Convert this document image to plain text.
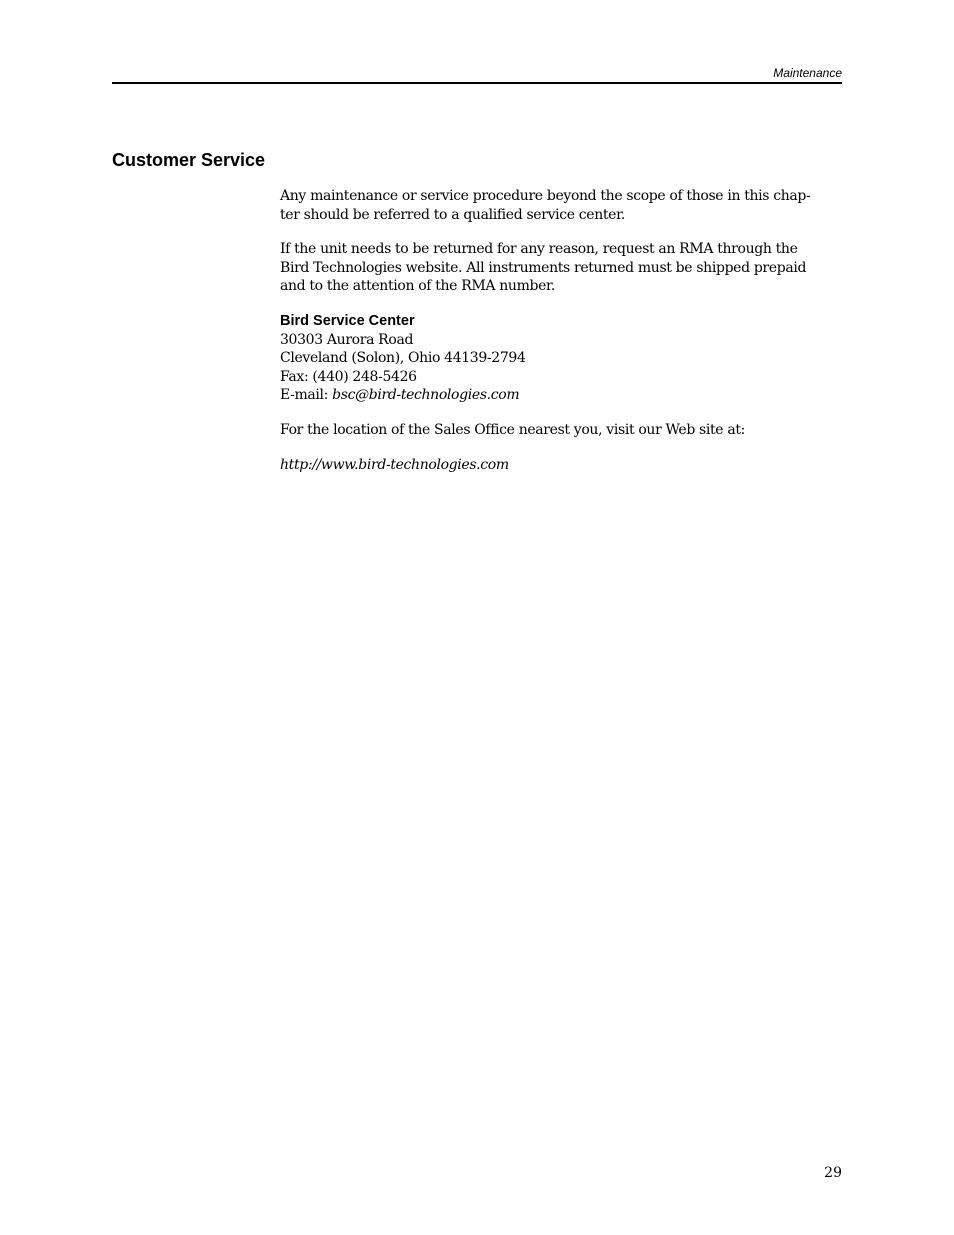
Maintenance
Customer Service

Any maintenance or service procedure beyond the scope of those in this chap-
ter should be referred to a qualified service center.

If the unit needs to be returned for any reason, request an RMA through the
Bird Technologies website. All instruments returned must be shipped prepaid
and to the attention of the RMA number.

Bird Service Center
30303 Aurora Road
Cleveland (Solon), Ohio 44139-2794
Fax: (440) 248-5426
E-mail: bsc@bird-technologies.com

For the location of the Sales Office nearest you, visit our Web site at:

http://www.bird-technologies.com

29
